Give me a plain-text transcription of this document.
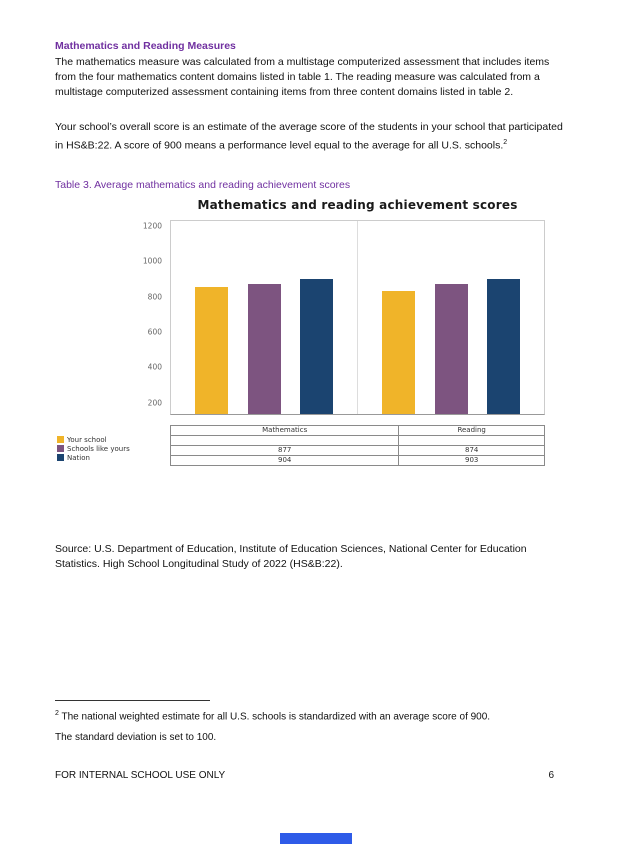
Mathematics and Reading Measures

The mathematics measure was calculated from a multistage computerized assessment that includes items from the four mathematics content domains listed in table 1. The reading measure was calculated from a multistage computerized assessment containing items from three content domains listed in table 2.

Your school’s overall score is an estimate of the average score of the students in your school that participated in HS&B:22. A score of 900 means a performance level equal to the average for all U.S. schools.$^2$

Table 3. Average mathematics and reading achievement scores
Mathematics and reading achievement scores
200
400
600
800
1000
1200
Your school
Schools like yours
Nation
Mathematics	Reading

877	874
904	903

Source: U.S. Department of Education, Institute of Education Sciences, National Center for Education Statistics. High School Longitudinal Study of 2022 (HS&B:22).

$^2$ The national weighted estimate for all U.S. schools is standardized with an average score of 900.

The standard deviation is set to 100.

FOR INTERNAL SCHOOL USE ONLY	6
